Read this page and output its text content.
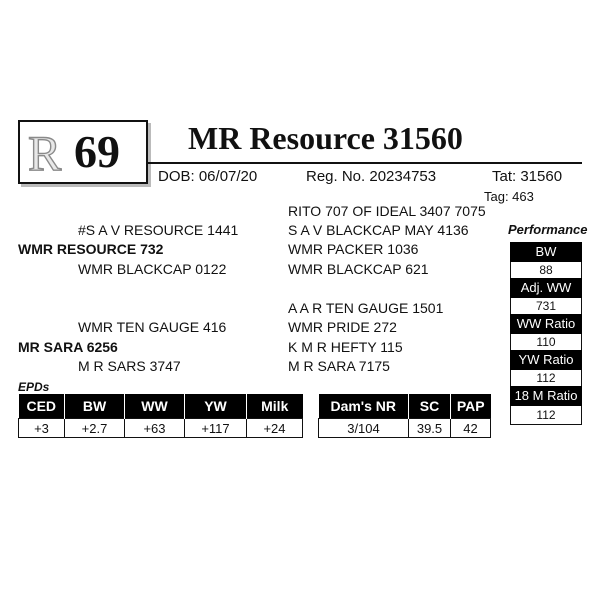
R 69 MR Resource 31560
DOB: 06/07/20	Reg. No. 20234753	Tat: 31560
Tag: 463
RITO 707 OF IDEAL 3407 7075
#S A V RESOURCE 1441	S A V BLACKCAP MAY 4136
WMR RESOURCE 732	WMR PACKER 1036
WMR BLACKCAP 0122	WMR BLACKCAP 621
A A R TEN GAUGE 1501
WMR TEN GAUGE 416	WMR PRIDE 272
MR SARA 6256	K M R HEFTY 115
M R SARS 3747	M R SARA 7175
Performance
BW
88
Adj. WW
731
WW Ratio
110
YW Ratio
112
18 M Ratio
112
EPDs
CED	BW	WW	YW	Milk
+3	+2.7	+63	+117	+24
Dam's NR	SC	PAP
3/104	39.5	42
